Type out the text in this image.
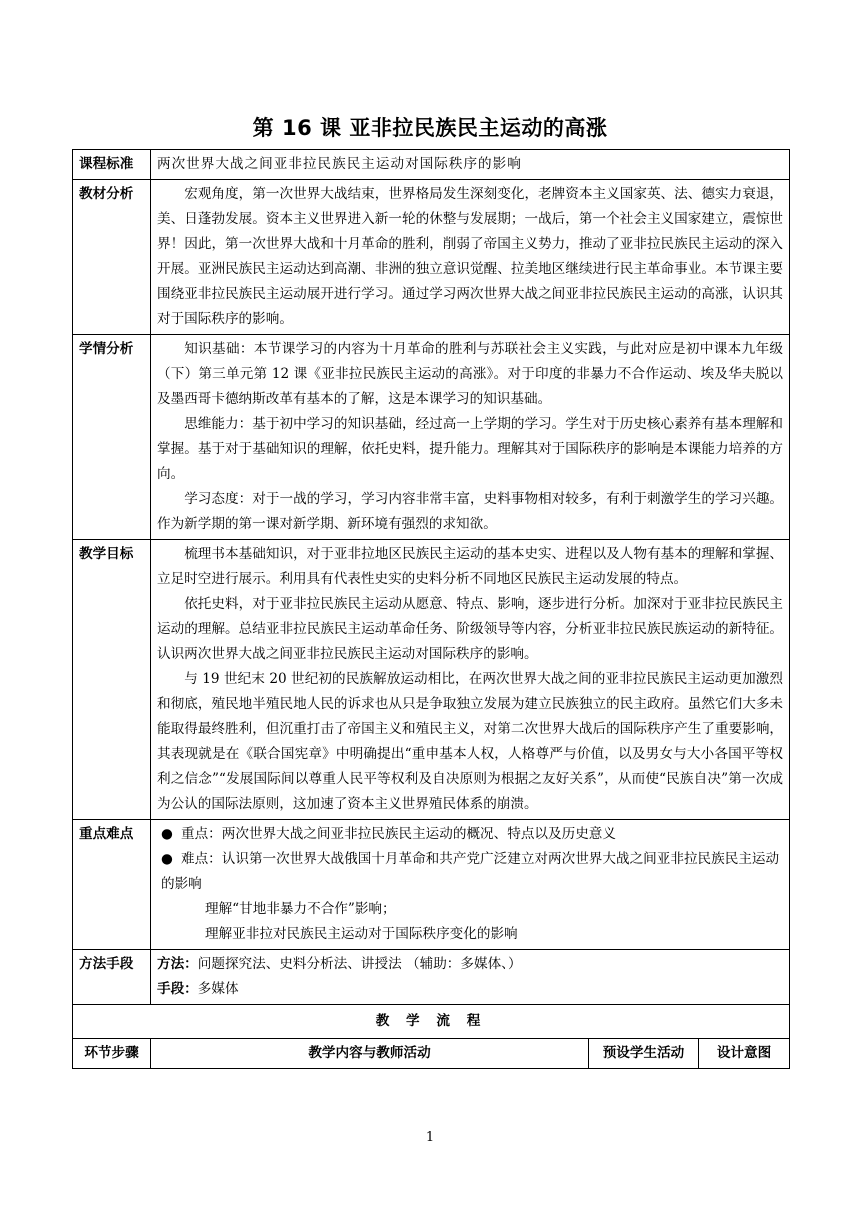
第 16 课 亚非拉民族民主运动的高涨
课程标准	两次世界大战之间亚非拉民族民主运动对国际秩序的影响		
教材分析	宏观角度，第一次世界大战结束，世界格局发生深刻变化，老牌资本主义国家英、法、德实力衰退，美、日蓬勃发展。资本主义世界进入新一轮的休整与发展期；一战后，第一个社会主义国家建立，震惊世界！因此，第一次世界大战和十月革命的胜利，削弱了帝国主义势力，推动了亚非拉民族民主运动的深入开展。亚洲民族民主运动达到高潮、非洲的独立意识觉醒、拉美地区继续进行民主革命事业。本节课主要围绕亚非拉民族民主运动展开进行学习。通过学习两次世界大战之间亚非拉民族民主运动的高涨，认识其对于国际秩序的影响。		

学情分析	知识基础：本节课学习的内容为十月革命的胜利与苏联社会主义实践，与此对应是初中课本九年级（下）第三单元第 12 课《亚非拉民族民主运动的高涨》。对于印度的非暴力不合作运动、埃及华夫脱以及墨西哥卡德纳斯改革有基本的了解，这是本课学习的知识基础。

思维能力：基于初中学习的知识基础，经过高一上学期的学习。学生对于历史核心素养有基本理解和掌握。基于对于基础知识的理解，依托史料，提升能力。理解其对于国际秩序的影响是本课能力培养的方向。

学习态度：对于一战的学习，学习内容非常丰富，史料事物相对较多，有利于刺激学生的学习兴趣。作为新学期的第一课对新学期、新环境有强烈的求知欲。		

教学目标	梳理书本基础知识，对于亚非拉地区民族民主运动的基本史实、进程以及人物有基本的理解和掌握、立足时空进行展示。利用具有代表性史实的史料分析不同地区民族民主运动发展的特点。

依托史料，对于亚非拉民族民主运动从愿意、特点、影响，逐步进行分析。加深对于亚非拉民族民主运动的理解。总结亚非拉民族民主运动革命任务、阶级领导等内容，分析亚非拉民族民族运动的新特征。认识两次世界大战之间亚非拉民族民主运动对国际秩序的影响。

与 19 世纪末 20 世纪初的民族解放运动相比，在两次世界大战之间的亚非拉民族民主运动更加激烈和彻底，殖民地半殖民地人民的诉求也从只是争取独立发展为建立民族独立的民主政府。虽然它们大多未能取得最终胜利，但沉重打击了帝国主义和殖民主义，对第二次世界大战后的国际秩序产生了重要影响，其表现就是在《联合国宪章》中明确提出“重申基本人权，人格尊严与价值，以及男女与大小各国平等权利之信念”“发展国际间以尊重人民平等权利及自决原则为根据之友好关系”，从而使“民族自决”第一次成为公认的国际法原则，这加速了资本主义世界殖民体系的崩溃。		

重点难点	● 重点：两次世界大战之间亚非拉民族民主运动的概况、特点以及历史意义

● 难点：认识第一次世界大战俄国十月革命和共产党广泛建立对两次世界大战之间亚非拉民族民主运动的影响

理解“甘地非暴力不合作”影响；

理解亚非拉对民族民主运动对于国际秩序变化的影响		

方法手段	方法：问题探究法、史料分析法、讲授法 （辅助：多媒体、）
手段：多媒体		

教 学 流 程			
环节步骤	教学内容与教师活动	预设学生活动	设计意图
1
